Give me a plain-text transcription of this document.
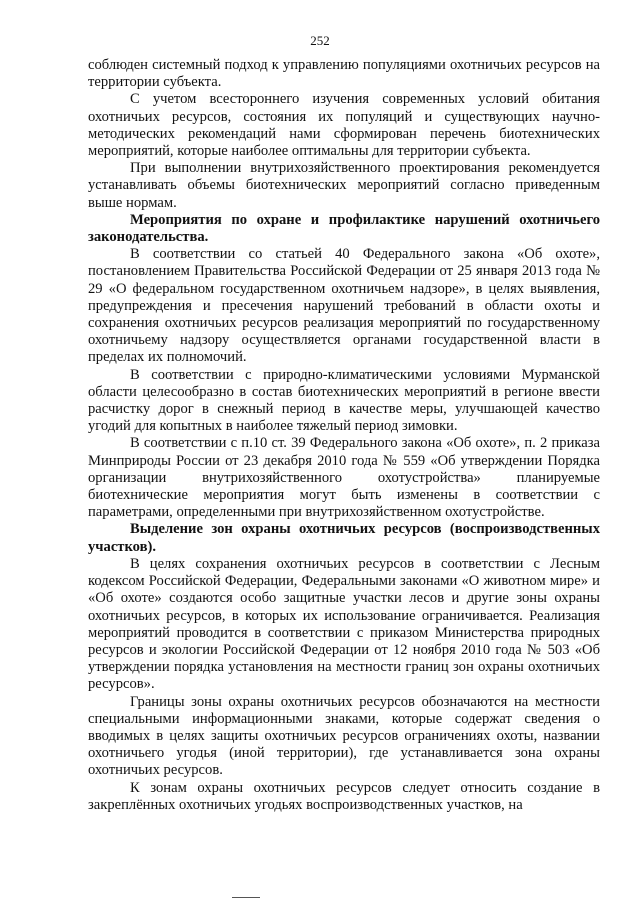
252

соблюден системный подход к управлению популяциями охотничьих ресурсов на территории субъекта.

С учетом всестороннего изучения современных условий обитания охотничьих ресурсов, состояния их популяций и существующих научно-методических рекомендаций нами сформирован перечень биотехнических мероприятий, которые наиболее оптимальны для территории субъекта.

При выполнении внутрихозяйственного проектирования рекомендуется устанавливать объемы биотехнических мероприятий согласно приведенным выше нормам.

Мероприятия по охране и профилактике нарушений охотничьего законодательства.

В соответствии со статьей 40 Федерального закона «Об охоте», постановлением Правительства Российской Федерации от 25 января 2013 года № 29 «О федеральном государственном охотничьем надзоре», в целях выявления, предупреждения и пресечения нарушений требований в области охоты и сохранения охотничьих ресурсов реализация мероприятий по государственному охотничьему надзору осуществляется органами государственной власти в пределах их полномочий.

В соответствии с природно-климатическими условиями Мурманской области целесообразно в состав биотехнических мероприятий в регионе ввести расчистку дорог в снежный период в качестве меры, улучшающей качество угодий для копытных в наиболее тяжелый период зимовки.

В соответствии с п.10 ст. 39 Федерального закона «Об охоте», п. 2 приказа Минприроды России от 23 декабря 2010 года № 559 «Об утверждении Порядка организации внутрихозяйственного охотустройства» планируемые биотехнические мероприятия могут быть изменены в соответствии с параметрами, определенными при внутрихозяйственном охотустройстве.

Выделение зон охраны охотничьих ресурсов (воспроизводственных участков).

В целях сохранения охотничьих ресурсов в соответствии с Лесным кодексом Российской Федерации, Федеральными законами «О животном мире» и «Об охоте» создаются особо защитные участки лесов и другие зоны охраны охотничьих ресурсов, в которых их использование ограничивается. Реализация мероприятий проводится в соответствии с приказом Министерства природных ресурсов и экологии Российской Федерации от 12 ноября 2010 года № 503 «Об утверждении порядка установления на местности границ зон охраны охотничьих ресурсов».

Границы зоны охраны охотничьих ресурсов обозначаются на местности специальными информационными знаками, которые содержат сведения о вводимых в целях защиты охотничьих ресурсов ограничениях охоты, названии охотничьего угодья (иной территории), где устанавливается зона охраны охотничьих ресурсов.

К зонам охраны охотничьих ресурсов следует относить создание в закреплённых охотничьих угодьях воспроизводственных участков, на
